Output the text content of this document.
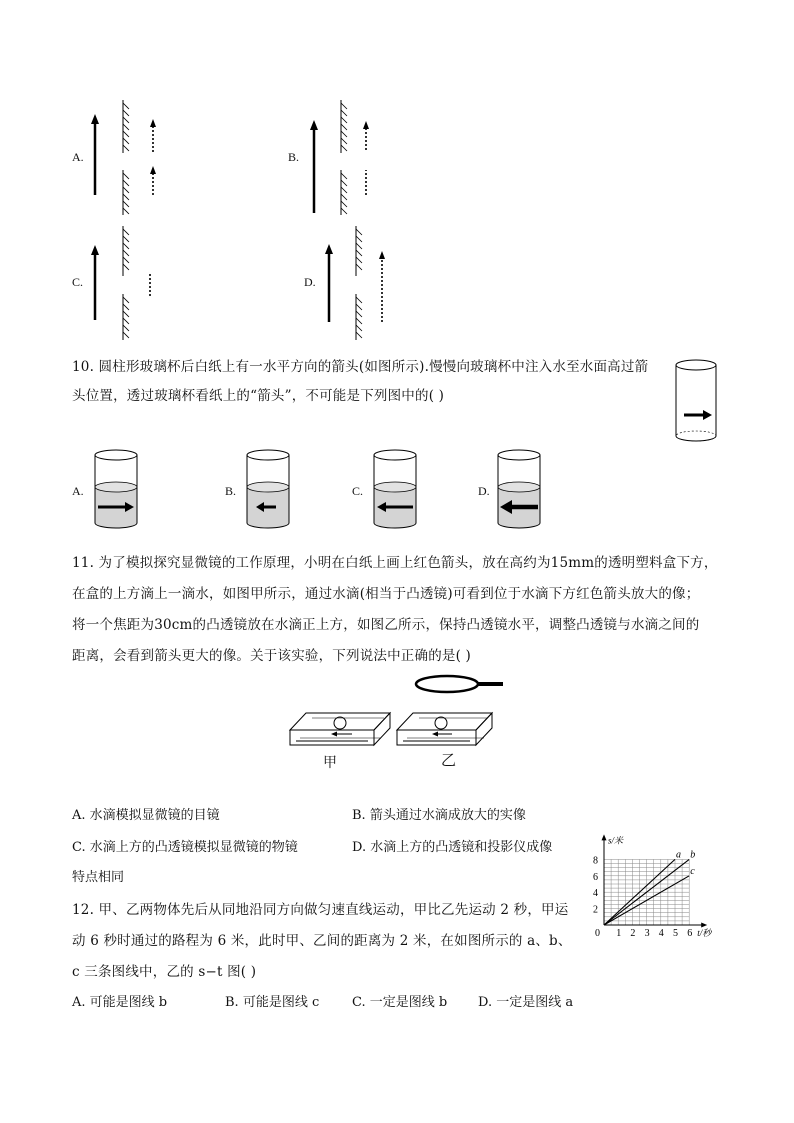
A.	B.
C.	D.
10. 圆柱形玻璃杯后白纸上有一水平方向的箭头(如图所示).慢慢向玻璃杯中注入水至水面高过箭
头位置，透过玻璃杯看纸上的“箭头”，不可能是下列图中的( )
A.	B.	C.	D.
11. 为了模拟探究显微镜的工作原理，小明在白纸上画上红色箭头，放在高约为15mm的透明塑料盒下方，
在盒的上方滴上一滴水，如图甲所示，通过水滴(相当于凸透镜)可看到位于水滴下方红色箭头放大的像；
将一个焦距为30cm的凸透镜放在水滴正上方，如图乙所示，保持凸透镜水平，调整凸透镜与水滴之间的
距离，会看到箭头更大的像。关于该实验，下列说法中正确的是( )
甲	乙
A. 水滴模拟显微镜的目镜	B. 箭头通过水滴成放大的实像
C. 水滴上方的凸透镜模拟显微镜的物镜	D. 水滴上方的凸透镜和投影仪成像
特点相同
12. 甲、乙两物体先后从同地沿同方向做匀速直线运动，甲比乙先运动 2 秒，甲运
动 6 秒时通过的路程为 6 米，此时甲、乙间的距离为 2 米，在如图所示的 a、b、
c 三条图线中，乙的 s−t 图( )
A. 可能是图线 b	B. 可能是图线 c	C. 一定是图线 b D. 一定是图线 a
0 1 2 3 4 5 6
2
4
6
8
s/米
t/秒
a b
c
